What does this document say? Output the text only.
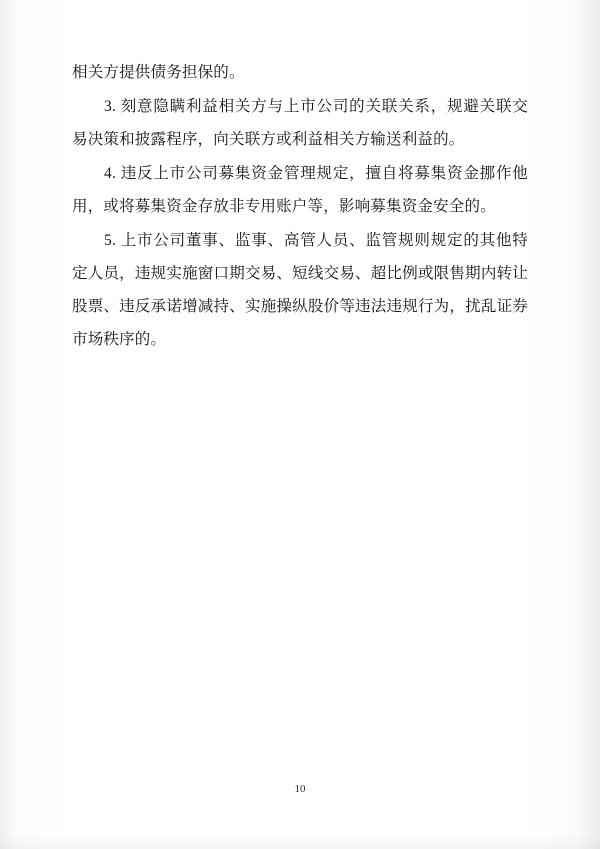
相关方提供债务担保的。

3. 刻意隐瞒利益相关方与上市公司的关联关系，规避关联交易决策和披露程序，向关联方或利益相关方输送利益的。

4. 违反上市公司募集资金管理规定，擅自将募集资金挪作他用，或将募集资金存放非专用账户等，影响募集资金安全的。

5. 上市公司董事、监事、高管人员、监管规则规定的其他特定人员，违规实施窗口期交易、短线交易、超比例或限售期内转让股票、违反承诺增减持、实施操纵股价等违法违规行为，扰乱证券市场秩序的。

10
